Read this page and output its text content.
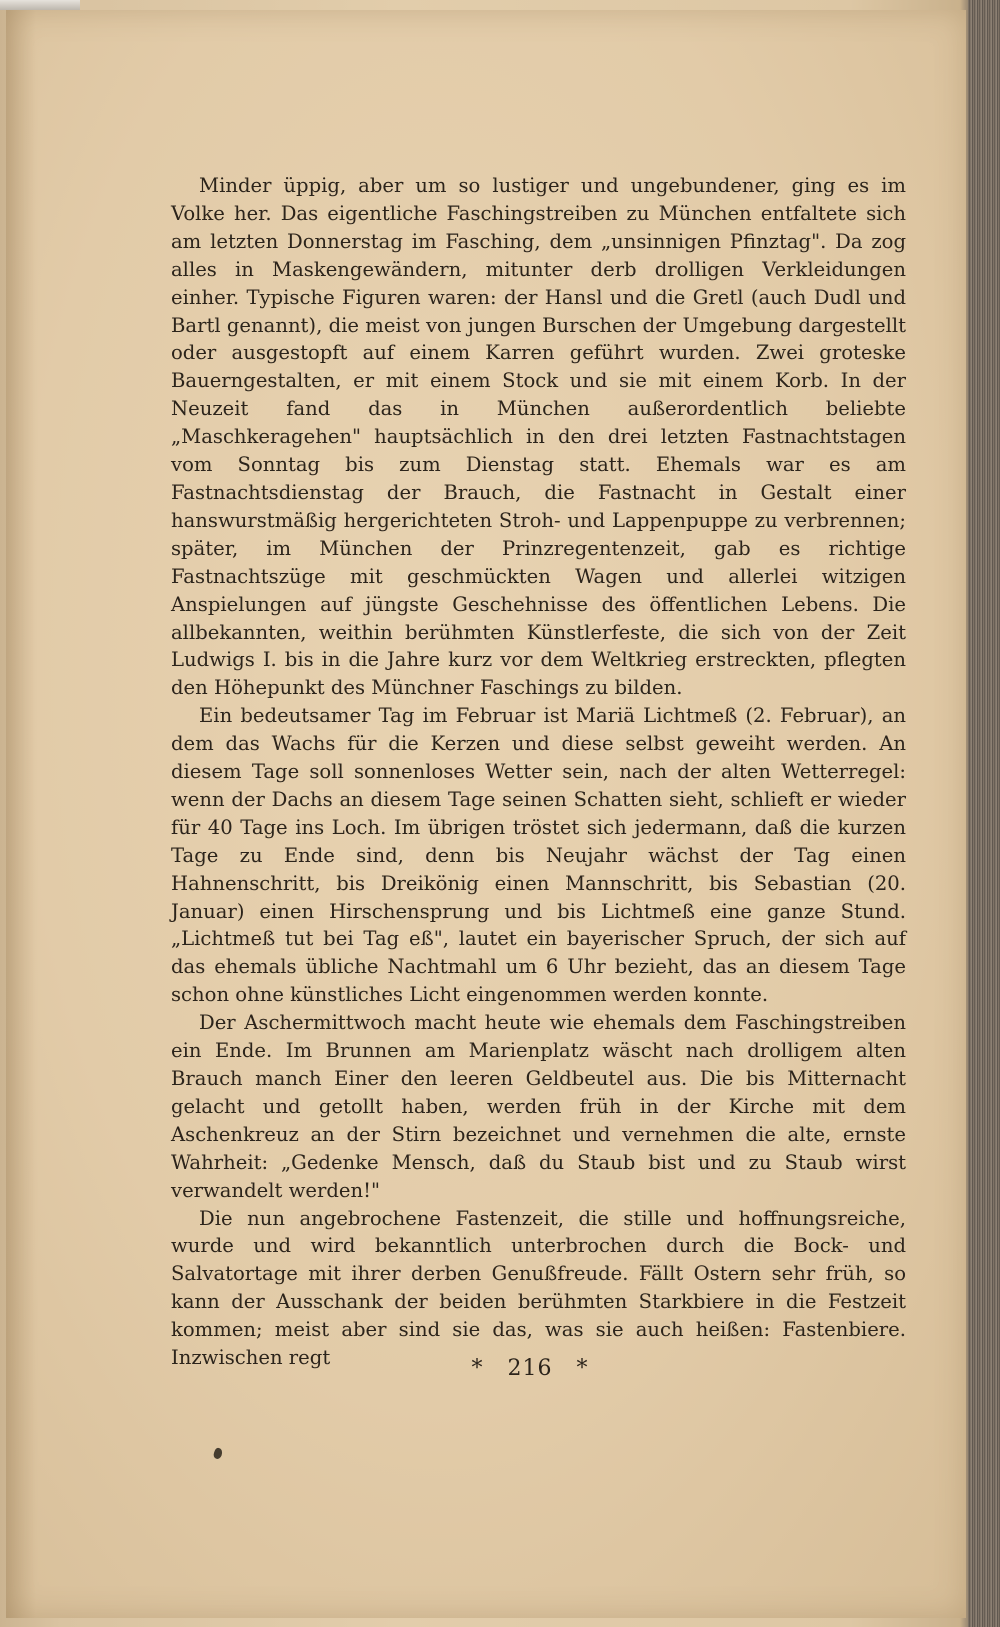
Minder üppig, aber um so lustiger und ungebundener, ging es im Volke her. Das eigentliche Faschingstreiben zu München entfaltete sich am letzten Donnerstag im Fasching, dem „unsinnigen Pfinztag". Da zog alles in Maskengewändern, mitunter derb drolligen Verkleidungen einher. Typische Figuren waren: der Hansl und die Gretl (auch Dudl und Bartl genannt), die meist von jungen Burschen der Umgebung dargestellt oder ausgestopft auf einem Karren geführt wurden. Zwei groteske Bauerngestalten, er mit einem Stock und sie mit einem Korb. In der Neuzeit fand das in München außerordentlich beliebte „Maschkeragehen" hauptsächlich in den drei letzten Fastnachtstagen vom Sonntag bis zum Dienstag statt. Ehemals war es am Fastnachtsdienstag der Brauch, die Fastnacht in Gestalt einer hanswurstmäßig hergerichteten Stroh- und Lappenpuppe zu verbrennen; später, im München der Prinzregentenzeit, gab es richtige Fastnachtszüge mit geschmückten Wagen und allerlei witzigen Anspielungen auf jüngste Geschehnisse des öffentlichen Lebens. Die allbekannten, weithin berühmten Künstlerfeste, die sich von der Zeit Ludwigs I. bis in die Jahre kurz vor dem Weltkrieg erstreckten, pflegten den Höhepunkt des Münchner Faschings zu bilden.

Ein bedeutsamer Tag im Februar ist Mariä Lichtmeß (2. Februar), an dem das Wachs für die Kerzen und diese selbst geweiht werden. An diesem Tage soll sonnenloses Wetter sein, nach der alten Wetterregel: wenn der Dachs an diesem Tage seinen Schatten sieht, schlieft er wieder für 40 Tage ins Loch. Im übrigen tröstet sich jedermann, daß die kurzen Tage zu Ende sind, denn bis Neujahr wächst der Tag einen Hahnenschritt, bis Dreikönig einen Mannschritt, bis Sebastian (20. Januar) einen Hirschensprung und bis Lichtmeß eine ganze Stund. „Lichtmeß tut bei Tag eß", lautet ein bayerischer Spruch, der sich auf das ehemals übliche Nachtmahl um 6 Uhr bezieht, das an diesem Tage schon ohne künstliches Licht eingenommen werden konnte.

Der Aschermittwoch macht heute wie ehemals dem Faschingstreiben ein Ende. Im Brunnen am Marienplatz wäscht nach drolligem alten Brauch manch Einer den leeren Geldbeutel aus. Die bis Mitternacht gelacht und getollt haben, werden früh in der Kirche mit dem Aschenkreuz an der Stirn bezeichnet und vernehmen die alte, ernste Wahrheit: „Gedenke Mensch, daß du Staub bist und zu Staub wirst verwandelt werden!"

Die nun angebrochene Fastenzeit, die stille und hoffnungsreiche, wurde und wird bekanntlich unterbrochen durch die Bock- und Salvatortage mit ihrer derben Genußfreude. Fällt Ostern sehr früh, so kann der Ausschank der beiden berühmten Starkbiere in die Festzeit kommen; meist aber sind sie das, was sie auch heißen: Fastenbiere. Inzwischen regt	* 216 *
